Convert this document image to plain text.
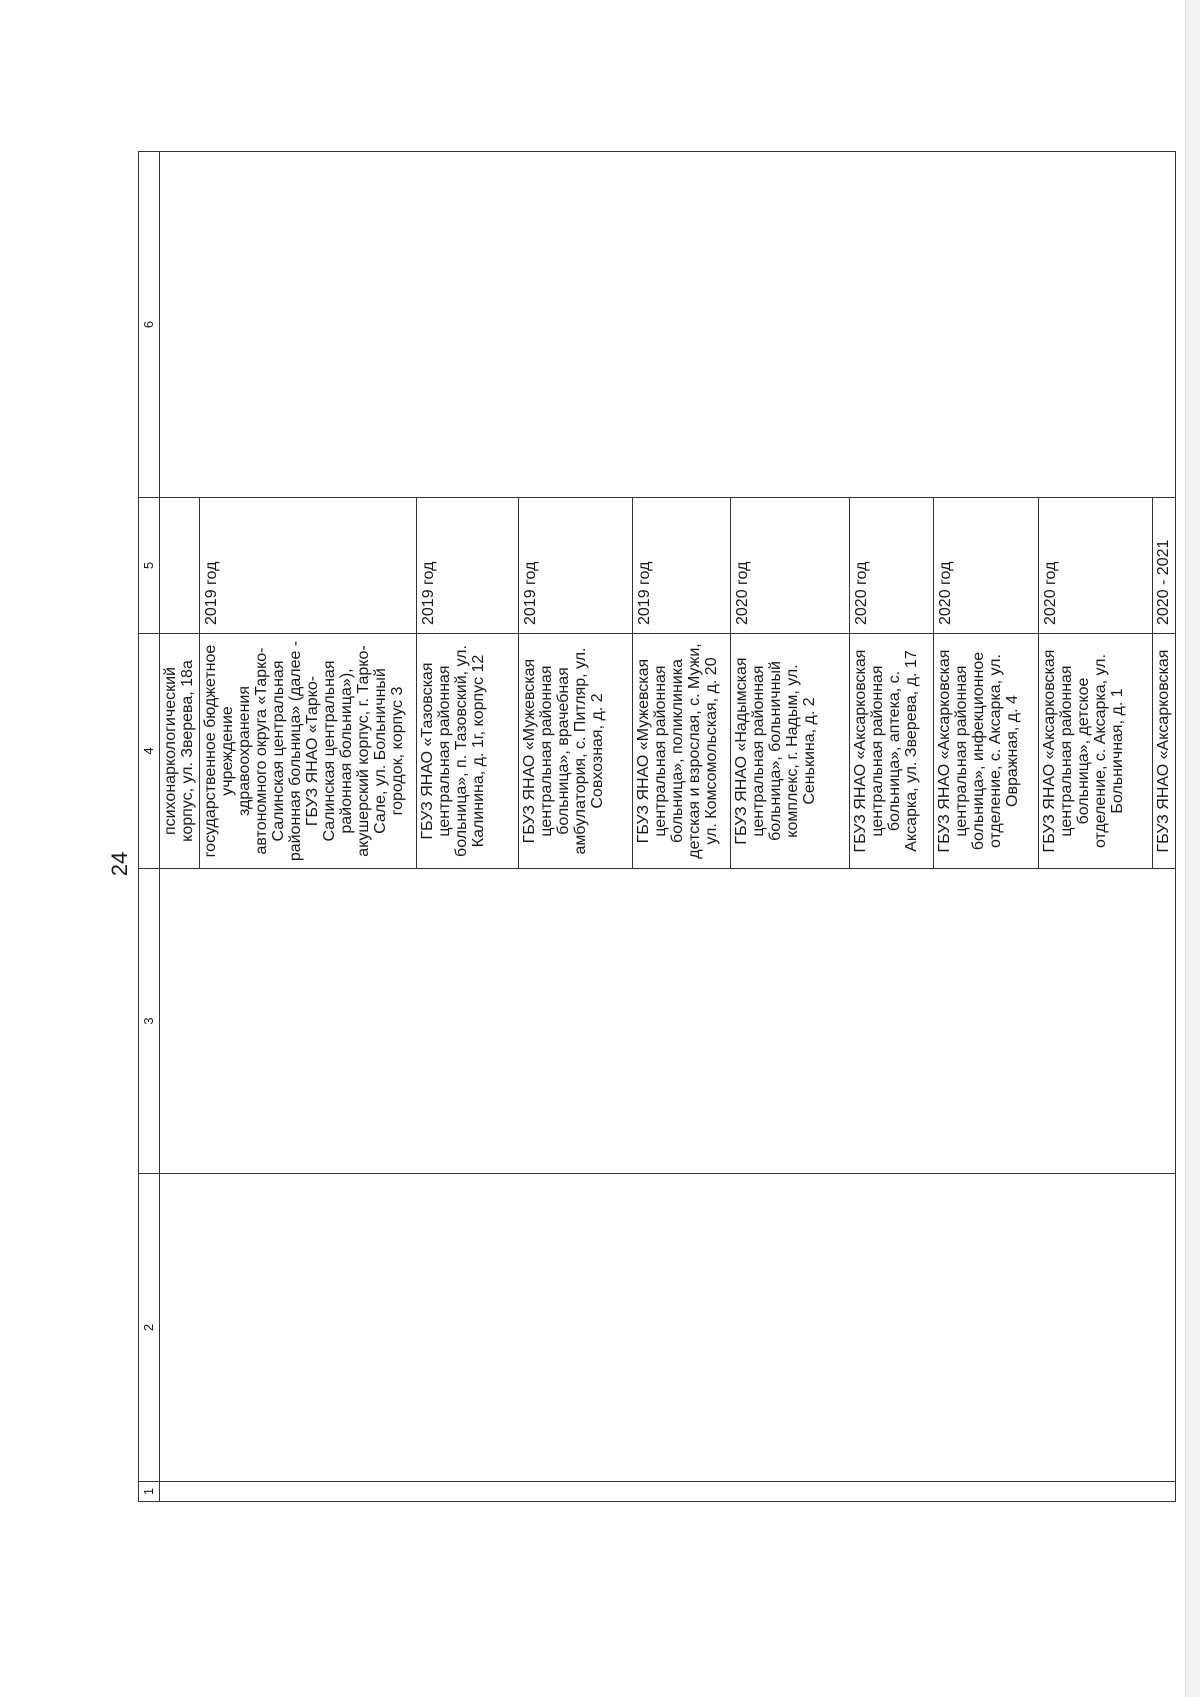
24
1	2	3	4	5	6
			психонаркологический корпус, ул. Зверева, 18а		
			государственное бюджетное учреждение здравоохранения автономного округа «Тарко-Салинская центральная районная больница» (далее - ГБУЗ ЯНАО «Тарко-Салинская центральная районная больница»), акушерский корпус, г. Тарко-Сале, ул. Больничный городок, корпус 3	2019 год	
			ГБУЗ ЯНАО «Тазовская центральная районная больница», п. Тазовский, ул. Калинина, д. 1г, корпус 12	2019 год	
			ГБУЗ ЯНАО «Мужевская центральная районная больница», врачебная амбулатория, с. Питляр, ул. Совхозная, д. 2	2019 год	
			ГБУЗ ЯНАО «Мужевская центральная районная больница», поликлиника детская и взрослая, с. Мужи, ул. Комсомольская, д. 20	2019 год	
			ГБУЗ ЯНАО «Надымская центральная районная больница», больничный комплекс, г. Надым, ул. Сенькина, д. 2	2020 год	
			ГБУЗ ЯНАО «Аксарковская центральная районная больница», аптека, с. Аксарка, ул. Зверева, д. 17	2020 год	
			ГБУЗ ЯНАО «Аксарковская центральная районная больница», инфекционное отделение, с. Аксарка, ул. Овражная, д. 4	2020 год	
			ГБУЗ ЯНАО «Аксарковская центральная районная больница», детское отделение, с. Аксарка, ул. Больничная, д. 1	2020 год	
			ГБУЗ ЯНАО «Аксарковская	2020 - 2021	
